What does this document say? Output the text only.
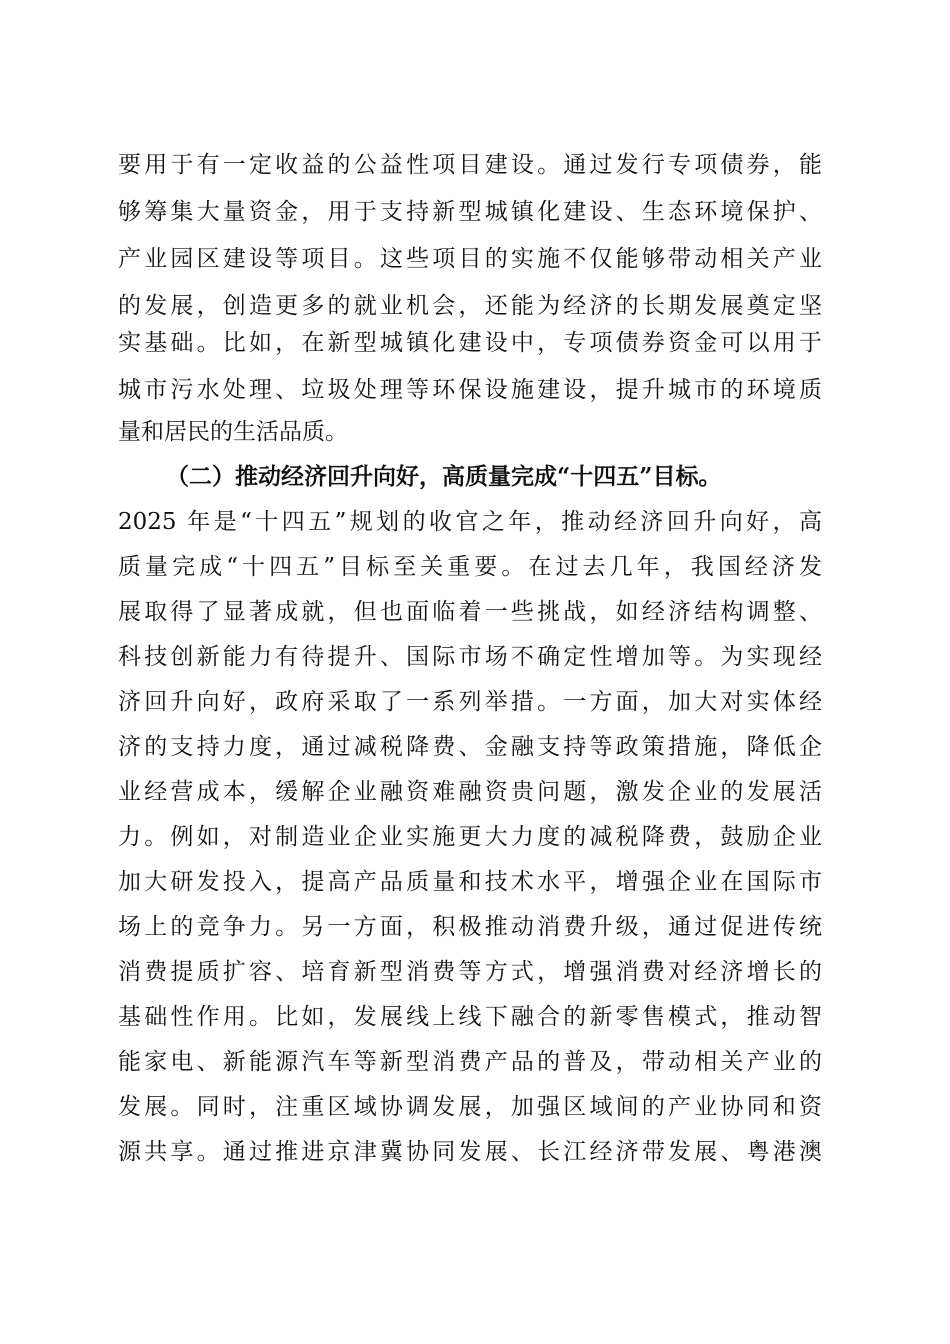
要用于有一定收益的公益性项目建设。通过发行专项债券，能
够筹集大量资金，用于支持新型城镇化建设、生态环境保护、
产业园区建设等项目。这些项目的实施不仅能够带动相关产业
的发展，创造更多的就业机会，还能为经济的长期发展奠定坚
实基础。比如，在新型城镇化建设中，专项债券资金可以用于
城市污水处理、垃圾处理等环保设施建设，提升城市的环境质
量和居民的生活品质。
（二）推动经济回升向好，高质量完成“十四五”目标。
2025 年是“十四五”规划的收官之年，推动经济回升向好，高
质量完成“十四五”目标至关重要。在过去几年，我国经济发
展取得了显著成就，但也面临着一些挑战，如经济结构调整、
科技创新能力有待提升、国际市场不确定性增加等。为实现经
济回升向好，政府采取了一系列举措。一方面，加大对实体经
济的支持力度，通过减税降费、金融支持等政策措施，降低企
业经营成本，缓解企业融资难融资贵问题，激发企业的发展活
力。例如，对制造业企业实施更大力度的减税降费，鼓励企业
加大研发投入，提高产品质量和技术水平，增强企业在国际市
场上的竞争力。另一方面，积极推动消费升级，通过促进传统
消费提质扩容、培育新型消费等方式，增强消费对经济增长的
基础性作用。比如，发展线上线下融合的新零售模式，推动智
能家电、新能源汽车等新型消费产品的普及，带动相关产业的
发展。同时，注重区域协调发展，加强区域间的产业协同和资
源共享。通过推进京津冀协同发展、长江经济带发展、粤港澳
